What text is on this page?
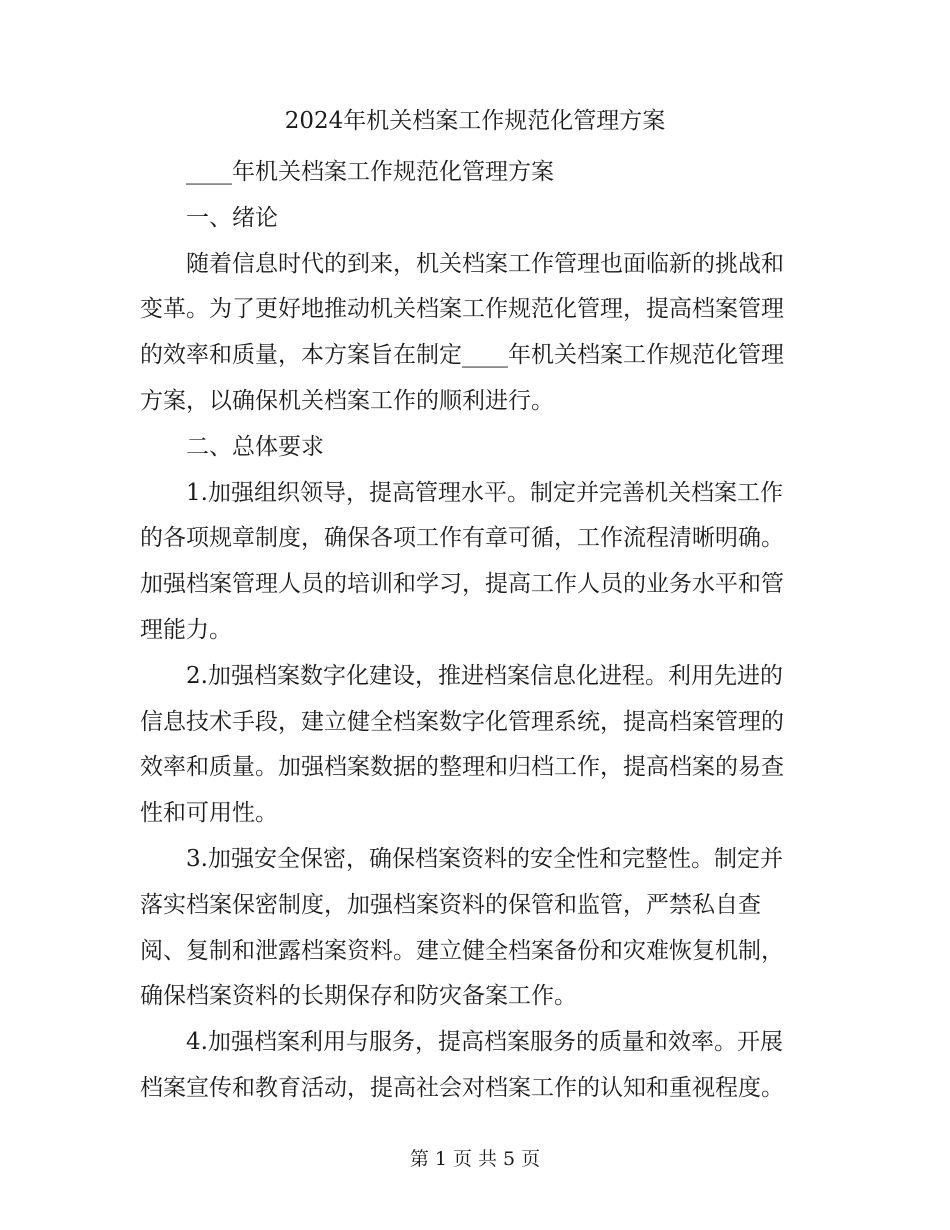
2024年机关档案工作规范化管理方案
____年机关档案工作规范化管理方案
一、绪论
随着信息时代的到来，机关档案工作管理也面临新的挑战和
变革。为了更好地推动机关档案工作规范化管理，提高档案管理
的效率和质量，本方案旨在制定____年机关档案工作规范化管理
方案，以确保机关档案工作的顺利进行。
二、总体要求
1.加强组织领导，提高管理水平。制定并完善机关档案工作
的各项规章制度，确保各项工作有章可循，工作流程清晰明确。
加强档案管理人员的培训和学习，提高工作人员的业务水平和管
理能力。
2.加强档案数字化建设，推进档案信息化进程。利用先进的
信息技术手段，建立健全档案数字化管理系统，提高档案管理的
效率和质量。加强档案数据的整理和归档工作，提高档案的易查
性和可用性。
3.加强安全保密，确保档案资料的安全性和完整性。制定并
落实档案保密制度，加强档案资料的保管和监管，严禁私自查
阅、复制和泄露档案资料。建立健全档案备份和灾难恢复机制，
确保档案资料的长期保存和防灾备案工作。
4.加强档案利用与服务，提高档案服务的质量和效率。开展
档案宣传和教育活动，提高社会对档案工作的认知和重视程度。
第 1 页 共 5 页
